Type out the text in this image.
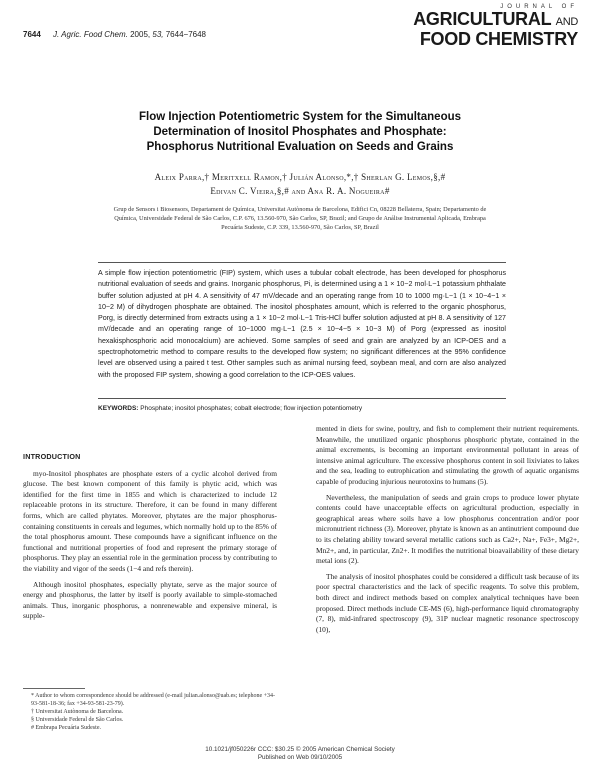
7644 J. Agric. Food Chem. 2005, 53, 7644−7648
JOURNAL OF
AGRICULTURAL AND
FOOD CHEMISTRY
Flow Injection Potentiometric System for the Simultaneous
Determination of Inositol Phosphates and Phosphate:
Phosphorus Nutritional Evaluation on Seeds and Grains
Aleix Parra,† Meritxell Ramon,† Julián Alonso,*,† Sherlan G. Lemos,§,#
Edivan C. Vieira,§,# and Ana R. A. Nogueira#
Grup de Sensors i Biosensors, Departament de Química, Universitat Autònoma de Barcelona, Edifici Cn, 08228 Bellaterra, Spain; Departamento de Química, Universidade Federal de São Carlos, C.P. 676, 13.560-970, São Carlos, SP, Brazil; and Grupo de Análise Instrumental Aplicada, Embrapa Pecuária Sudeste, C.P. 339, 13.560-970, São Carlos, SP, Brazil
A simple flow injection potentiometric (FIP) system, which uses a tubular cobalt electrode, has been developed for phosphorus nutritional evaluation of seeds and grains. Inorganic phosphorus, Pi, is determined using a 1 × 10−2 mol·L−1 potassium phthalate buffer solution adjusted at pH 4. A sensitivity of 47 mV/decade and an operating range from 10 to 1000 mg·L−1 (1 × 10−4−1 × 10−2 M) of dihydrogen phosphate are obtained. The inositol phosphates amount, which is referred to the organic phosphorus, Porg, is directly determined from extracts using a 1 × 10−2 mol·L−1 Tris-HCl buffer solution adjusted at pH 8. A sensitivity of 127 mV/decade and an operating range of 10−1000 mg·L−1 (2.5 × 10−4−5 × 10−3 M) of Porg (expressed as inositol hexakisphosphoric acid monocalcium) are achieved. Some samples of seed and grain are analyzed by an ICP-OES and a spectrophotometric method to compare results to the developed flow system; no significant differences at the 95% confidence level are observed using a paired t test. Other samples such as animal nursing feed, soybean meal, and corn are also analyzed with the proposed FIP system, showing a good correlation to the ICP-OES values.
KEYWORDS: Phosphate; inositol phosphates; cobalt electrode; flow injection potentiometry
INTRODUCTION

myo-Inositol phosphates are phosphate esters of a cyclic alcohol derived from glucose. The best known component of this family is phytic acid, which was identified for the first time in 1855 and which is characterized to include 12 replaceable protons in its structure. Therefore, it can be found in many different forms, which are called phytates. Moreover, phytates are the major phosphorus-containing constituents in cereals and legumes, which normally hold up to the 85% of the total phosphorus amount. These compounds have a significant influence on the functional and nutritional properties of food and represent the primary storage of phosphorus. They play an essential role in the germination process by contributing to the viability and vigor of the seeds (1−4 and refs therein).

Although inositol phosphates, especially phytate, serve as the major source of energy and phosphorus, the latter by itself is poorly available to simple-stomached animals. Thus, inorganic phosphorus, a nonrenewable and expensive mineral, is supple-

mented in diets for swine, poultry, and fish to complement their nutrient requirements. Meanwhile, the unutilized organic phosphorus phosphoric phytate, contained in the animal excrements, is becoming an important environmental pollutant in areas of intensive animal agriculture. The excessive phosphorus content in soil lixiviates to lakes and the sea, leading to eutrophication and stimulating the growth of aquatic organisms capable of producing injurious neurotoxins to humans (5).

Nevertheless, the manipulation of seeds and grain crops to produce lower phytate contents could have unacceptable effects on agricultural production, especially in geographical areas where soils have a low phosphorus concentration and/or poor micronutrient richness (3). Moreover, phytate is known as an antinutrient compound due to its chelating ability toward several metallic cations such as Ca2+, Na+, Fe3+, Mg2+, Mn2+, and, in particular, Zn2+. It modifies the nutritional bioavailability of these dietary metal ions (2).

The analysis of inositol phosphates could be considered a difficult task because of its poor spectral characteristics and the lack of specific reagents. To solve this problem, both direct and indirect methods based on complex analytical techniques have been proposed. Direct methods include CE-MS (6), high-performance liquid chromatography (7, 8), mid-infrared spectroscopy (9), 31P nuclear magnetic resonance spectroscopy (10),

* Author to whom correspondence should be addressed (e-mail julian.alonso@uab.es; telephone +34-93-581-18-36; fax +34-93-581-23-79).
† Universitat Autònoma de Barcelona.
§ Universidade Federal de São Carlos.
# Embrapa Pecuária Sudeste.
10.1021/jf050226r CCC: $30.25 © 2005 American Chemical Society
Published on Web 09/10/2005
